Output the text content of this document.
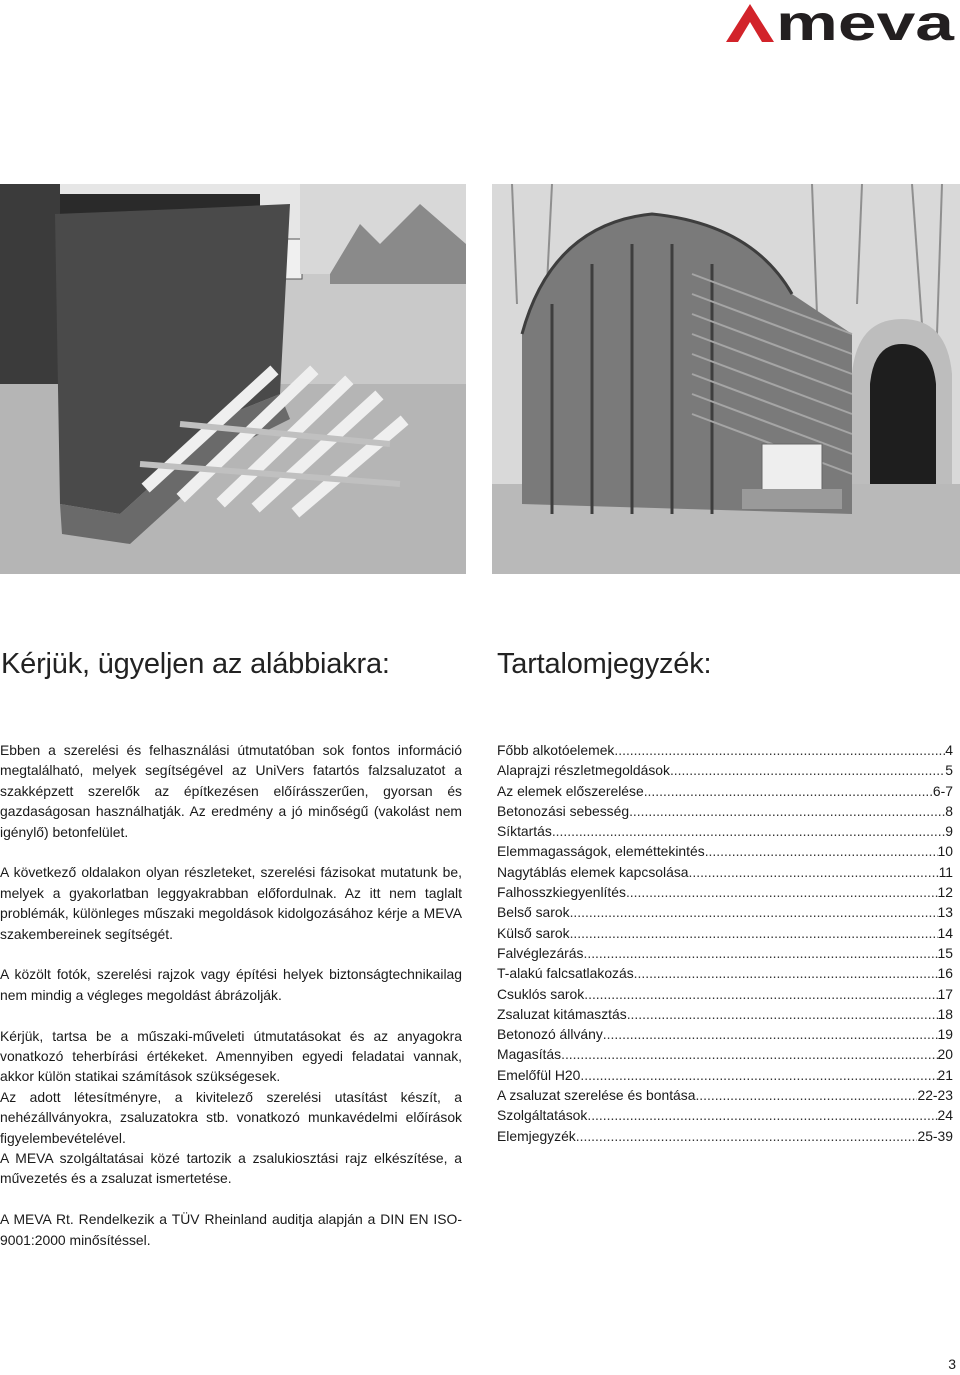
meva
Kérjük, ügyeljen az alábbiakra:	Tartalomjegyzék:

Ebben a szerelési és felhasználási útmutatóban sok fontos információ megtalálható, melyek segítségével az UniVers fatartós falzsaluzatot a szakképzett szerelők az építkezésen előírásszerűen, gyorsan és gazdaságosan használhatják. Az eredmény a jó minőségű (vakolást nem igénylő) betonfelület.

A következő oldalakon olyan részleteket, szerelési fázisokat mutatunk be, melyek a gyakorlatban leggyakrabban előfordulnak. Az itt nem taglalt problémák, különleges műszaki megoldások kidolgozásához kérje a MEVA szakembereinek segítségét.

A közölt fotók, szerelési rajzok vagy építési helyek biztonságtechnikailag nem mindig a végleges megoldást ábrázolják.

Kérjük, tartsa be a műszaki-műveleti útmutatásokat és az anyagokra vonatkozó teherbírási értékeket. Amennyiben egyedi feladatai vannak, akkor külön statikai számítások szükségesek.

Az adott létesítményre, a kivitelező szerelési utasítást készít, a nehézállványokra, zsaluzatokra stb. vonatkozó munkavédelmi előírások figyelembevételével.

A MEVA szolgáltatásai közé tartozik a zsalukiosztási rajz elkészítése, a művezetés és a zsaluzat ismertetése.

A MEVA Rt. Rendelkezik a TÜV Rheinland auditja alapján a DIN EN ISO-9001:2000 minősítéssel.

Főbb alkotóelemek .....	4
Alaprajzi részletmegoldások .....	5
Az elemek előszerelése .....	6-7
Betonozási sebesség .....	8
Síktartás .....	9
Elemmagasságok, eleméttekintés .....	10
Nagytáblás elemek kapcsolása .....	11
Falhosszkiegyenlítés .....	12
Belső sarok .....	13
Külső sarok .....	14
Falvéglezárás .....	15
T-alakú falcsatlakozás .....	16
Csuklós sarok .....	17
Zsaluzat kitámasztás .....	18
Betonozó állvány .....	19
Magasítás .....	20
Emelőfül H20 .....	21
A zsaluzat szerelése és bontása .....	22-23
Szolgáltatások .....	24
Elemjegyzék .....	25-39
3
